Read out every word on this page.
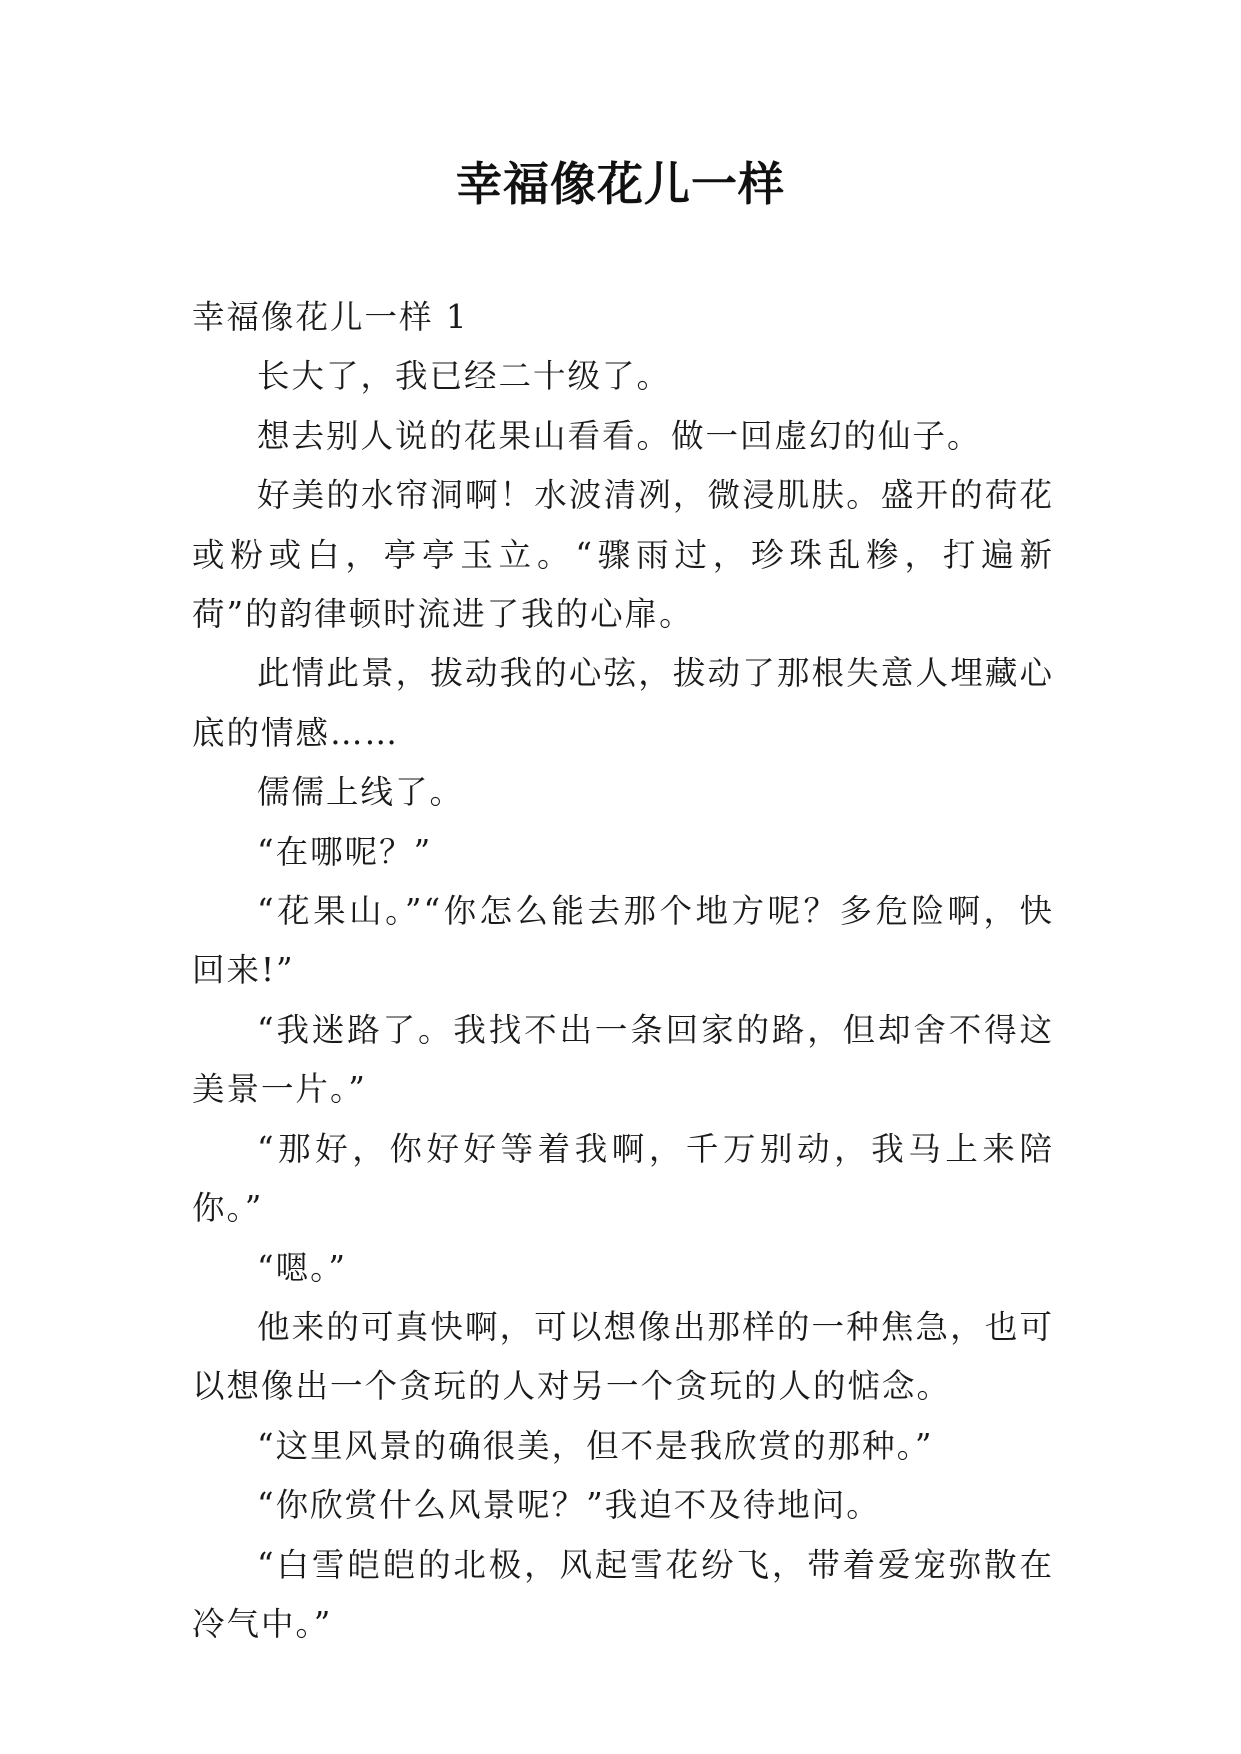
幸福像花儿一样

幸福像花儿一样 1

长大了，我已经二十级了。

想去别人说的花果山看看。做一回虚幻的仙子。

好美的水帘洞啊！水波清冽，微浸肌肤。盛开的荷花或粉或白，亭亭玉立。“骤雨过，珍珠乱糁，打遍新荷”的韵律顿时流进了我的心扉。

此情此景，拔动我的心弦，拔动了那根失意人埋藏心底的情感……

儒儒上线了。

“在哪呢？”

“花果山。”“你怎么能去那个地方呢？多危险啊，快回来!”

“我迷路了。我找不出一条回家的路，但却舍不得这美景一片。”

“那好，你好好等着我啊，千万别动，我马上来陪你。”

“嗯。”

他来的可真快啊，可以想像出那样的一种焦急，也可以想像出一个贪玩的人对另一个贪玩的人的惦念。

“这里风景的确很美，但不是我欣赏的那种。”

“你欣赏什么风景呢？”我迫不及待地问。

“白雪皑皑的北极，风起雪花纷飞，带着爱宠弥散在冷气中。”
